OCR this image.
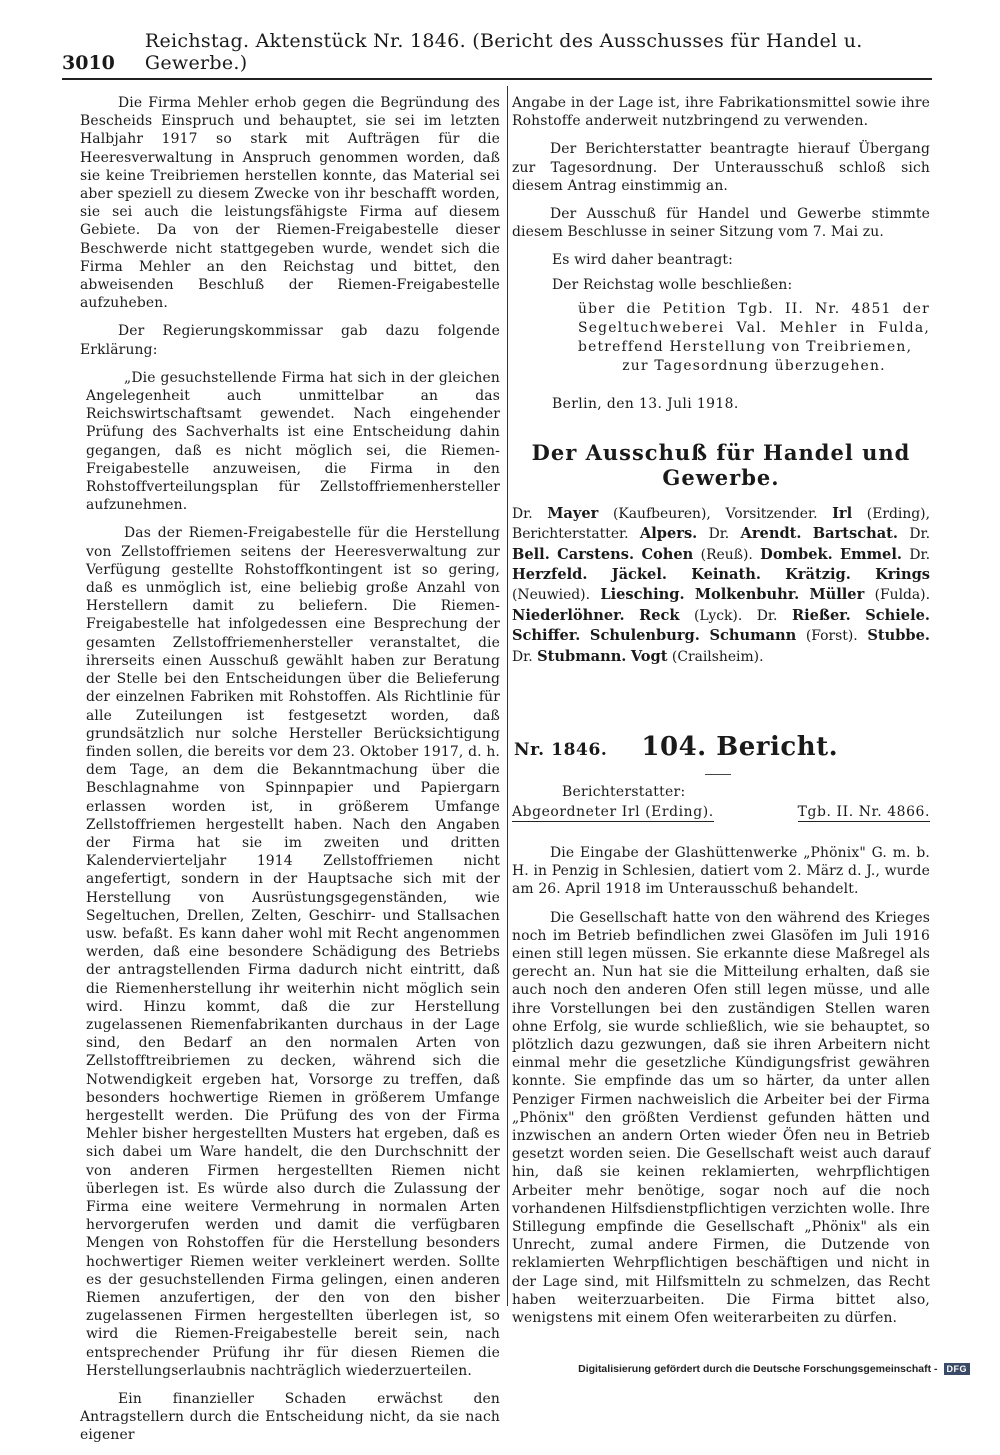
3010
Reichstag. Aktenstück Nr. 1846. (Bericht des Ausschusses für Handel u. Gewerbe.)

Die Firma Mehler erhob gegen die Begründung des Bescheids Einspruch und behauptet, sie sei im letzten Halbjahr 1917 so stark mit Aufträgen für die Heeresverwaltung in Anspruch genommen worden, daß sie keine Treibriemen herstellen konnte, das Material sei aber speziell zu diesem Zwecke von ihr beschafft worden, sie sei auch die leistungsfähigste Firma auf diesem Gebiete. Da von der Riemen-Freigabestelle dieser Beschwerde nicht stattgegeben wurde, wendet sich die Firma Mehler an den Reichstag und bittet, den abweisenden Beschluß der Riemen-Freigabestelle aufzuheben.

Der Regierungskommissar gab dazu folgende Erklärung:

„Die gesuchstellende Firma hat sich in der gleichen Angelegenheit auch unmittelbar an das Reichswirtschaftsamt gewendet. Nach eingehender Prüfung des Sachverhalts ist eine Entscheidung dahin gegangen, daß es nicht möglich sei, die Riemen-Freigabestelle anzuweisen, die Firma in den Rohstoffverteilungsplan für Zellstoffriemenhersteller aufzunehmen.

Das der Riemen-Freigabestelle für die Herstellung von Zellstoffriemen seitens der Heeresverwaltung zur Verfügung gestellte Rohstoffkontingent ist so gering, daß es unmöglich ist, eine beliebig große Anzahl von Herstellern damit zu beliefern. Die Riemen-Freigabestelle hat infolgedessen eine Besprechung der gesamten Zellstoffriemenhersteller veranstaltet, die ihrerseits einen Ausschuß gewählt haben zur Beratung der Stelle bei den Entscheidungen über die Belieferung der einzelnen Fabriken mit Rohstoffen. Als Richtlinie für alle Zuteilungen ist festgesetzt worden, daß grundsätzlich nur solche Hersteller Berücksichtigung finden sollen, die bereits vor dem 23. Oktober 1917, d. h. dem Tage, an dem die Bekanntmachung über die Beschlagnahme von Spinnpapier und Papiergarn erlassen worden ist, in größerem Umfange Zellstoffriemen hergestellt haben. Nach den Angaben der Firma hat sie im zweiten und dritten Kalendervierteljahr 1914 Zellstoffriemen nicht angefertigt, sondern in der Hauptsache sich mit der Herstellung von Ausrüstungsgegenständen, wie Segeltuchen, Drellen, Zelten, Geschirr- und Stallsachen usw. befaßt. Es kann daher wohl mit Recht angenommen werden, daß eine besondere Schädigung des Betriebs der antragstellenden Firma dadurch nicht eintritt, daß die Riemenherstellung ihr weiterhin nicht möglich sein wird. Hinzu kommt, daß die zur Herstellung zugelassenen Riemenfabrikanten durchaus in der Lage sind, den Bedarf an den normalen Arten von Zellstofftreibriemen zu decken, während sich die Notwendigkeit ergeben hat, Vorsorge zu treffen, daß besonders hochwertige Riemen in größerem Umfange hergestellt werden. Die Prüfung des von der Firma Mehler bisher hergestellten Musters hat ergeben, daß es sich dabei um Ware handelt, die den Durchschnitt der von anderen Firmen hergestellten Riemen nicht überlegen ist. Es würde also durch die Zulassung der Firma eine weitere Vermehrung in normalen Arten hervorgerufen werden und damit die verfügbaren Mengen von Rohstoffen für die Herstellung besonders hochwertiger Riemen weiter verkleinert werden. Sollte es der gesuchstellenden Firma gelingen, einen anderen Riemen anzufertigen, der den von den bisher zugelassenen Firmen hergestellten überlegen ist, so wird die Riemen-Freigabestelle bereit sein, nach entsprechender Prüfung ihr für diesen Riemen die Herstellungserlaubnis nachträglich wiederzuerteilen.

Ein finanzieller Schaden erwächst den Antragstellern durch die Entscheidung nicht, da sie nach eigener

Angabe in der Lage ist, ihre Fabrikationsmittel sowie ihre Rohstoffe anderweit nutzbringend zu verwenden.

Der Berichterstatter beantragte hierauf Übergang zur Tagesordnung. Der Unterausschuß schloß sich diesem Antrag einstimmig an.

Der Ausschuß für Handel und Gewerbe stimmte diesem Beschlusse in seiner Sitzung vom 7. Mai zu.

Es wird daher beantragt:

Der Reichstag wolle beschließen:

über die Petition Tgb. II. Nr. 4851 der Segeltuchweberei Val. Mehler in Fulda, betreffend Herstellung von Treibriemen,
zur Tagesordnung überzugehen.

Berlin, den 13. Juli 1918.

Der Ausschuß für Handel und Gewerbe.

Dr. Mayer (Kaufbeuren), Vorsitzender. Irl (Erding), Berichterstatter. Alpers. Dr. Arendt. Bartschat. Dr. Bell. Carstens. Cohen (Reuß). Dombek. Emmel. Dr. Herzfeld. Jäckel. Keinath. Krätzig. Krings (Neuwied). Liesching. Molkenbuhr. Müller (Fulda). Niederlöhner. Reck (Lyck). Dr. Rießer. Schiele. Schiffer. Schulenburg. Schumann (Forst). Stubbe. Dr. Stubmann. Vogt (Crailsheim).

Nr. 1846. 104. Bericht.
Berichterstatter:
Abgeordneter Irl (Erding).	Tgb. II. Nr. 4866.

Die Eingabe der Glashüttenwerke „Phönix" G. m. b. H. in Penzig in Schlesien, datiert vom 2. März d. J., wurde am 26. April 1918 im Unterausschuß behandelt.

Die Gesellschaft hatte von den während des Krieges noch im Betrieb befindlichen zwei Glasöfen im Juli 1916 einen still legen müssen. Sie erkannte diese Maßregel als gerecht an. Nun hat sie die Mitteilung erhalten, daß sie auch noch den anderen Ofen still legen müsse, und alle ihre Vorstellungen bei den zuständigen Stellen waren ohne Erfolg, sie wurde schließlich, wie sie behauptet, so plötzlich dazu gezwungen, daß sie ihren Arbeitern nicht einmal mehr die gesetzliche Kündigungsfrist gewähren konnte. Sie empfinde das um so härter, da unter allen Penziger Firmen nachweislich die Arbeiter bei der Firma „Phönix" den größten Verdienst gefunden hätten und inzwischen an andern Orten wieder Öfen neu in Betrieb gesetzt worden seien. Die Gesellschaft weist auch darauf hin, daß sie keinen reklamierten, wehrpflichtigen Arbeiter mehr benötige, sogar noch auf die noch vorhandenen Hilfsdienstpflichtigen verzichten wolle. Ihre Stillegung empfinde die Gesellschaft „Phönix" als ein Unrecht, zumal andere Firmen, die Dutzende von reklamierten Wehrpflichtigen beschäftigen und nicht in der Lage sind, mit Hilfsmitteln zu schmelzen, das Recht haben weiterzuarbeiten. Die Firma bittet also, wenigstens mit einem Ofen weiterarbeiten zu dürfen.

Digitalisierung gefördert durch die Deutsche Forschungsgemeinschaft -	DFG
